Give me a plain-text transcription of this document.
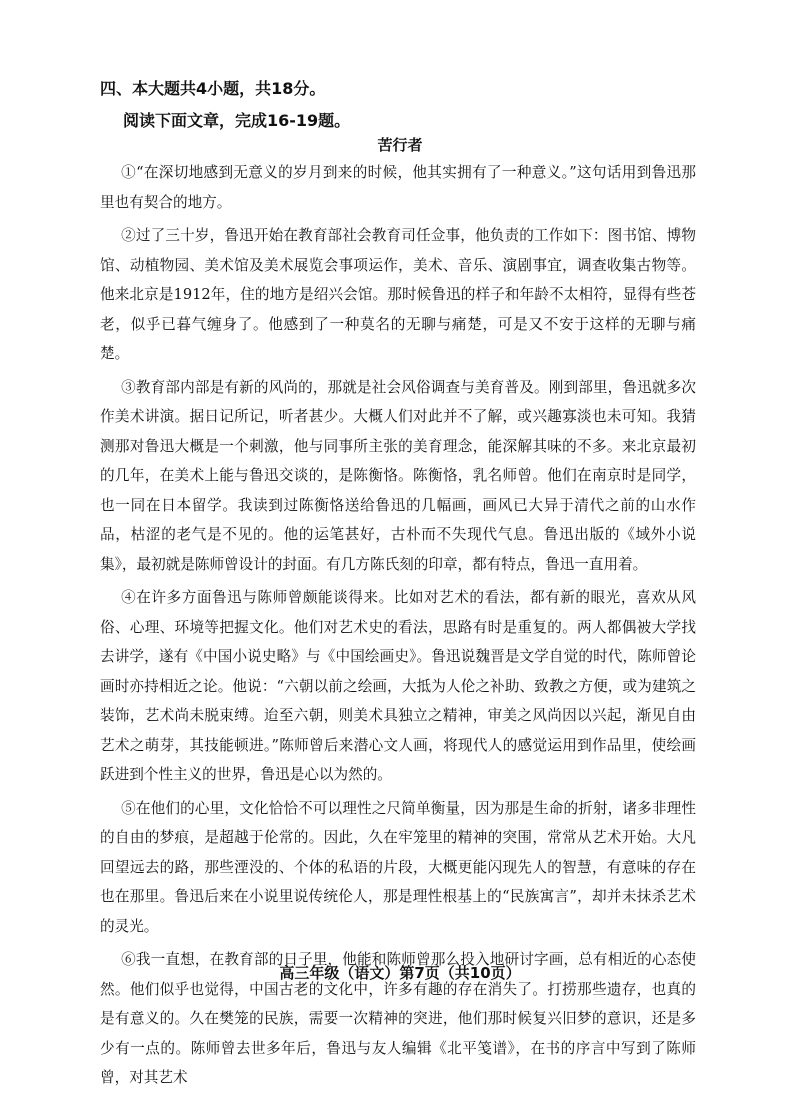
四、本大题共4小题，共18分。
阅读下面文章，完成16-19题。
苦行者

①“在深切地感到无意义的岁月到来的时候，他其实拥有了一种意义。”这句话用到鲁迅那里也有契合的地方。

②过了三十岁，鲁迅开始在教育部社会教育司任佥事，他负责的工作如下：图书馆、博物馆、动植物园、美术馆及美术展览会事项运作，美术、音乐、演剧事宜，调查收集古物等。他来北京是1912年，住的地方是绍兴会馆。那时候鲁迅的样子和年龄不太相符，显得有些苍老，似乎已暮气缠身了。他感到了一种莫名的无聊与痛楚，可是又不安于这样的无聊与痛楚。

③教育部内部是有新的风尚的，那就是社会风俗调查与美育普及。刚到部里，鲁迅就多次作美术讲演。据日记所记，听者甚少。大概人们对此并不了解，或兴趣寡淡也未可知。我猜测那对鲁迅大概是一个刺激，他与同事所主张的美育理念，能深解其味的不多。来北京最初的几年，在美术上能与鲁迅交谈的，是陈衡恪。陈衡恪，乳名师曾。他们在南京时是同学，也一同在日本留学。我读到过陈衡恪送给鲁迅的几幅画，画风已大异于清代之前的山水作品，枯涩的老气是不见的。他的运笔甚好，古朴而不失现代气息。鲁迅出版的《域外小说集》，最初就是陈师曾设计的封面。有几方陈氏刻的印章，都有特点，鲁迅一直用着。

④在许多方面鲁迅与陈师曾颇能谈得来。比如对艺术的看法，都有新的眼光，喜欢从风俗、心理、环境等把握文化。他们对艺术史的看法，思路有时是重复的。两人都偶被大学找去讲学，遂有《中国小说史略》与《中国绘画史》。鲁迅说魏晋是文学自觉的时代，陈师曾论画时亦持相近之论。他说：“六朝以前之绘画，大抵为人伦之补助、致教之方便，或为建筑之装饰，艺术尚未脱束缚。迨至六朝，则美术具独立之精神，审美之风尚因以兴起，渐见自由艺术之萌芽，其技能顿进。”陈师曾后来潜心文人画，将现代人的感觉运用到作品里，使绘画跃进到个性主义的世界，鲁迅是心以为然的。

⑤在他们的心里，文化恰恰不可以理性之尺简单衡量，因为那是生命的折射，诸多非理性的自由的梦痕，是超越于伦常的。因此，久在牢笼里的精神的突围，常常从艺术开始。大凡回望远去的路，那些湮没的、个体的私语的片段，大概更能闪现先人的智慧，有意味的存在也在那里。鲁迅后来在小说里说传统伦人，那是理性根基上的“民族寓言”，却并未抹杀艺术的灵光。

⑥我一直想，在教育部的日子里，他能和陈师曾那么投入地研讨字画，总有相近的心态使然。他们似乎也觉得，中国古老的文化中，许多有趣的存在消失了。打捞那些遗存，也真的是有意义的。久在樊笼的民族，需要一次精神的突进，他们那时候复兴旧梦的意识，还是多少有一点的。陈师曾去世多年后，鲁迅与友人编辑《北平笺谱》，在书的序言中写到了陈师曾，对其艺术

高三年级（语文）第7页（共10页）
